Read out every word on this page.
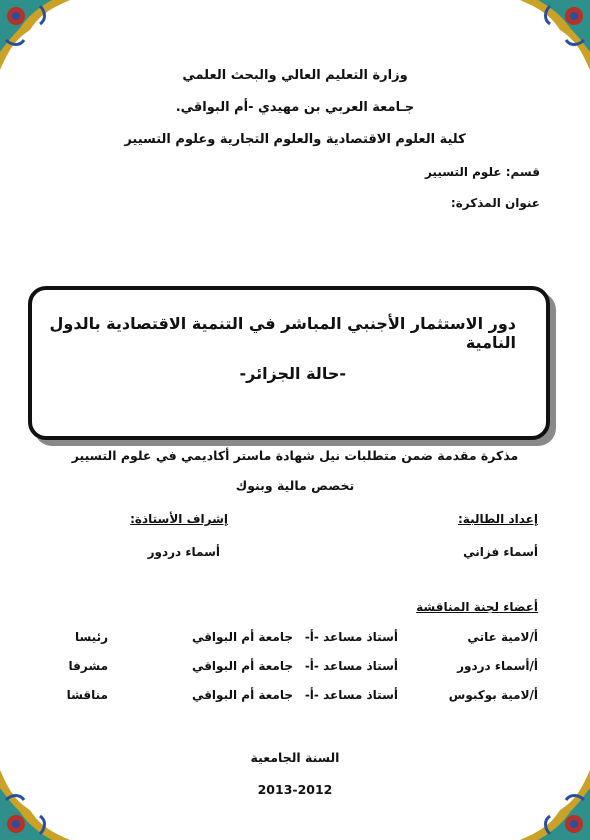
وزارة التعليم العالي والبحث العلمي
جـامعة العربي بن مهيدي -أم البواقي.
كلية العلوم الاقتصادية والعلوم التجارية وعلوم التسيير
قسم: علوم التسيير
عنوان المذكرة:
دور الاستثمار الأجنبي المباشر في التنمية الاقتصادية بالدول النامية
-حالة الجزائر-
مذكرة مقدمة ضمن متطلبات نيل شهادة ماستر أكاديمي في علوم التسيير
تخصص مالية وبنوك
إعداد الطالبة:
إشراف الأستاذة:
أسماء فزاني
أسماء دردور
أعضاء لجنة المناقشة
أ/لامية عاتي
أستاذ مساعد -أ-
جامعة أم البواقي
رئيسا
أ/أسماء دردور
أستاذ مساعد -أ-
جامعة أم البواقي
مشرفا
أ/لامية بوكبوس
أستاذ مساعد -أ-
جامعة أم البواقي
مناقشا
السنة الجامعية
2013-2012
